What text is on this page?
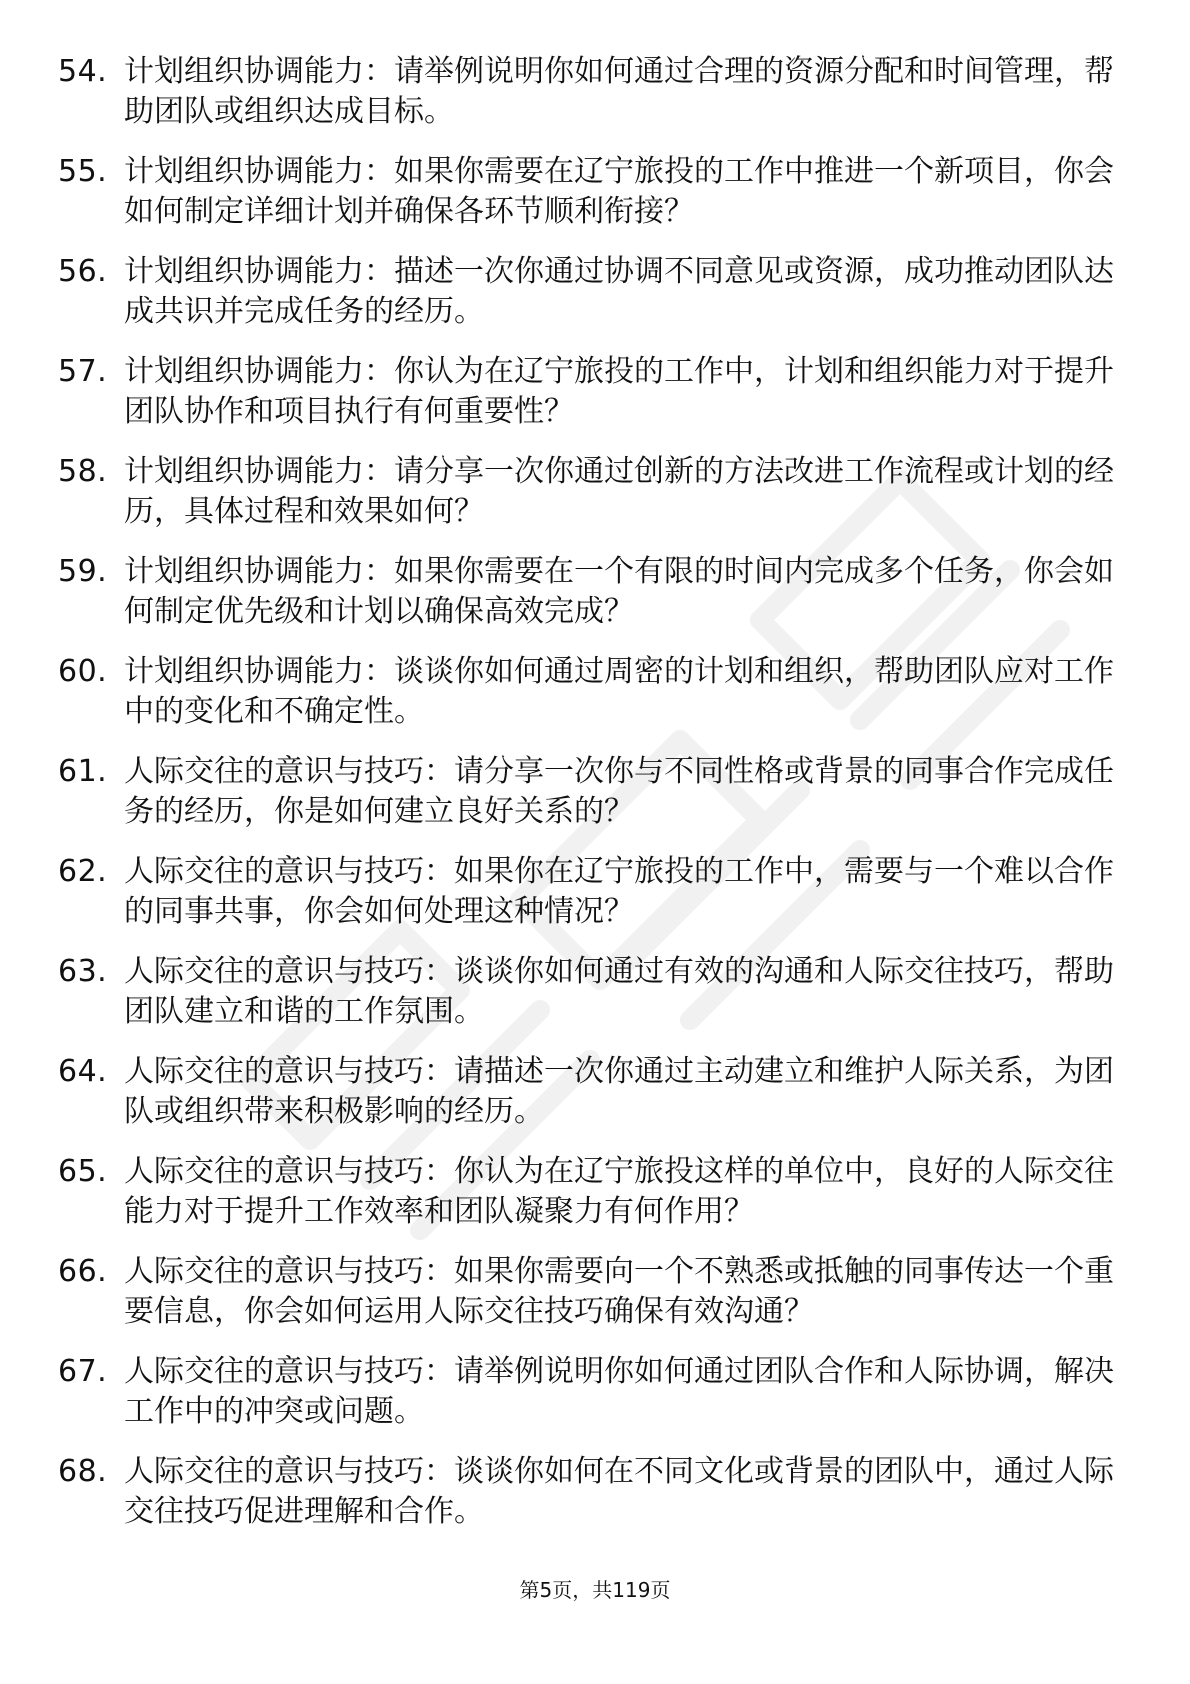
54. 计划组织协调能力：请举例说明你如何通过合理的资源分配和时间管理，帮助团队或组织达成目标。
55. 计划组织协调能力：如果你需要在辽宁旅投的工作中推进一个新项目，你会如何制定详细计划并确保各环节顺利衔接？
56. 计划组织协调能力：描述一次你通过协调不同意见或资源，成功推动团队达成共识并完成任务的经历。
57. 计划组织协调能力：你认为在辽宁旅投的工作中，计划和组织能力对于提升团队协作和项目执行有何重要性？
58. 计划组织协调能力：请分享一次你通过创新的方法改进工作流程或计划的经历，具体过程和效果如何？
59. 计划组织协调能力：如果你需要在一个有限的时间内完成多个任务，你会如何制定优先级和计划以确保高效完成？
60. 计划组织协调能力：谈谈你如何通过周密的计划和组织，帮助团队应对工作中的变化和不确定性。
61. 人际交往的意识与技巧：请分享一次你与不同性格或背景的同事合作完成任务的经历，你是如何建立良好关系的？
62. 人际交往的意识与技巧：如果你在辽宁旅投的工作中，需要与一个难以合作的同事共事，你会如何处理这种情况？
63. 人际交往的意识与技巧：谈谈你如何通过有效的沟通和人际交往技巧，帮助团队建立和谐的工作氛围。
64. 人际交往的意识与技巧：请描述一次你通过主动建立和维护人际关系，为团队或组织带来积极影响的经历。
65. 人际交往的意识与技巧：你认为在辽宁旅投这样的单位中，良好的人际交往能力对于提升工作效率和团队凝聚力有何作用？
66. 人际交往的意识与技巧：如果你需要向一个不熟悉或抵触的同事传达一个重要信息，你会如何运用人际交往技巧确保有效沟通？
67. 人际交往的意识与技巧：请举例说明你如何通过团队合作和人际协调，解决工作中的冲突或问题。
68. 人际交往的意识与技巧：谈谈你如何在不同文化或背景的团队中，通过人际交往技巧促进理解和合作。
第5页，共119页
